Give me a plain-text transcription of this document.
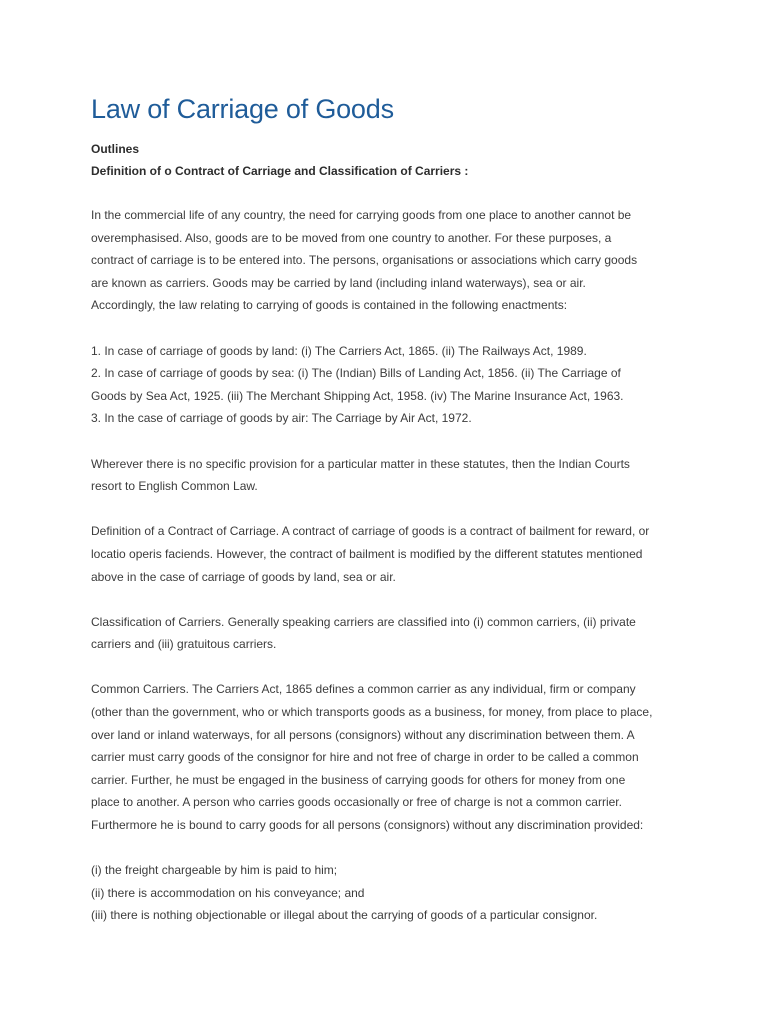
Law of Carriage of Goods

Outlines

Definition of o Contract of Carriage and Classification of Carriers :

In the commercial life of any country, the need for carrying goods from one place to another cannot be
overemphasised. Also, goods are to be moved from one country to another. For these purposes, a
contract of carriage is to be entered into. The persons, organisations or associations which carry goods
are known as carriers. Goods may be carried by land (including inland waterways), sea or air.
Accordingly, the law relating to carrying of goods is contained in the following enactments:
1. In case of carriage of goods by land: (i) The Carriers Act, 1865. (ii) The Railways Act, 1989.
2. In case of carriage of goods by sea: (i) The (Indian) Bills of Landing Act, 1856. (ii) The Carriage of
Goods by Sea Act, 1925. (iii) The Merchant Shipping Act, 1958. (iv) The Marine Insurance Act, 1963.
3. In the case of carriage of goods by air: The Carriage by Air Act, 1972.
Wherever there is no specific provision for a particular matter in these statutes, then the Indian Courts
resort to English Common Law.
Definition of a Contract of Carriage. A contract of carriage of goods is a contract of bailment for reward, or
locatio operis faciends. However, the contract of bailment is modified by the different statutes mentioned
above in the case of carriage of goods by land, sea or air.
Classification of Carriers. Generally speaking carriers are classified into (i) common carriers, (ii) private
carriers and (iii) gratuitous carriers.
Common Carriers. The Carriers Act, 1865 defines a common carrier as any individual, firm or company
(other than the government, who or which transports goods as a business, for money, from place to place,
over land or inland waterways, for all persons (consignors) without any discrimination between them. A
carrier must carry goods of the consignor for hire and not free of charge in order to be called a common
carrier. Further, he must be engaged in the business of carrying goods for others for money from one
place to another. A person who carries goods occasionally or free of charge is not a common carrier.
Furthermore he is bound to carry goods for all persons (consignors) without any discrimination provided:
(i) the freight chargeable by him is paid to him;
(ii) there is accommodation on his conveyance; and
(iii) there is nothing objectionable or illegal about the carrying of goods of a particular consignor.
